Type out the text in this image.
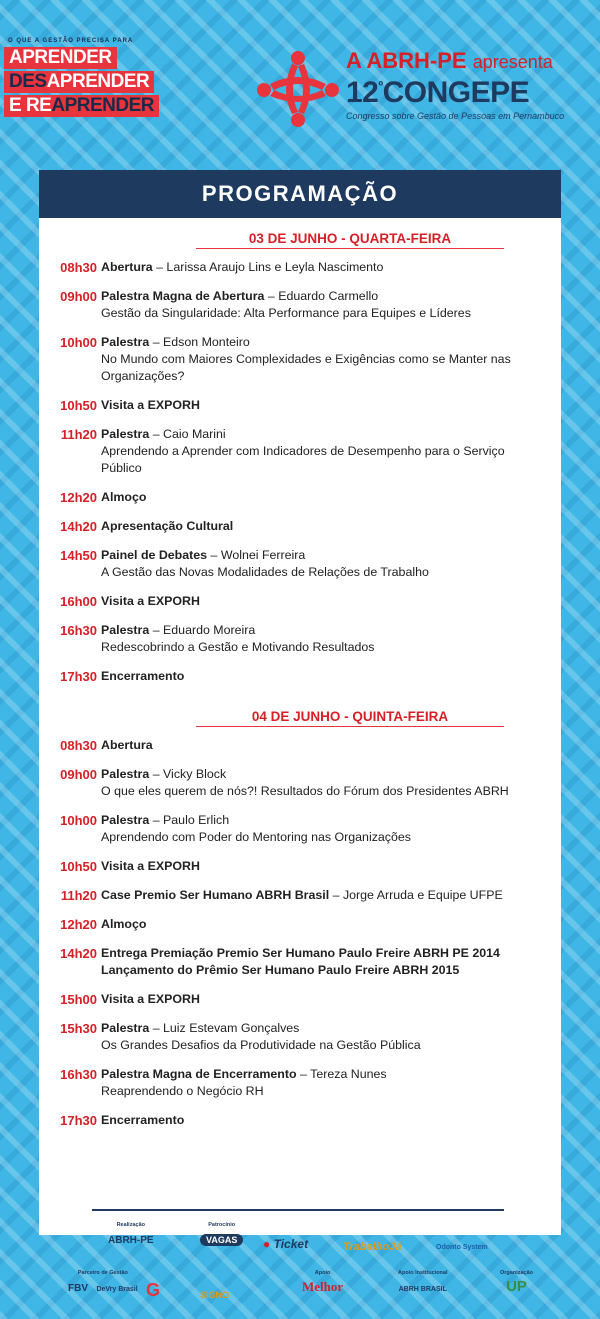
O QUE A GESTÃO PRECISA PARA
APRENDER
DESAPRENDER
E REAPRENDER
A ABRH-PE apresenta
$12^ºCONGEPE$
Congresso sobre Gestão de Pessoas em Pernambuco
PROGRAMAÇÃO
03 DE JUNHO - QUARTA-FEIRA
08h30 Abertura – Larissa Araujo Lins e Leyla Nascimento
09h00 Palestra Magna de Abertura – Eduardo Carmello
Gestão da Singularidade: Alta Performance para Equipes e Líderes
10h00 Palestra – Edson Monteiro
No Mundo com Maiores Complexidades e Exigências como se Manter nas Organizações?
10h50 Visita a EXPORH
11h20 Palestra – Caio Marini
Aprendendo a Aprender com Indicadores de Desempenho para o Serviço Público
12h20 Almoço
14h20 Apresentação Cultural
14h50 Painel de Debates – Wolnei Ferreira
A Gestão das Novas Modalidades de Relações de Trabalho
16h00 Visita a EXPORH
16h30 Palestra – Eduardo Moreira
Redescobrindo a Gestão e Motivando Resultados
17h30 Encerramento
04 DE JUNHO - QUINTA-FEIRA
08h30 Abertura
09h00 Palestra – Vicky Block
O que eles querem de nós?! Resultados do Fórum dos Presidentes ABRH
10h00 Palestra – Paulo Erlich
Aprendendo com Poder do Mentoring nas Organizações
10h50 Visita a EXPORH
11h20 Case Premio Ser Humano ABRH Brasil – Jorge Arruda e Equipe UFPE
12h20 Almoço
14h20 Entrega Premiação Premio Ser Humano Paulo Freire ABRH PE 2014
Lançamento do Prêmio Ser Humano Paulo Freire ABRH 2015
15h00 Visita a EXPORH
15h30 Palestra – Luiz Estevam Gonçalves
Os Grandes Desafios da Produtividade na Gestão Pública
16h30 Palestra Magna de Encerramento – Tereza Nunes
Reaprendendo o Negócio RH
17h30 Encerramento
Realização
ABRH-PE
Patrocínio
VAGAS	● Ticket	TrabalhoJá	Odonto System
Parceiro de Gestão
FBV DeVry Brasil G	SIGNO
Apoio
Melhor
Apoio Institucional
ABRH BRASIL
Organização
UP
